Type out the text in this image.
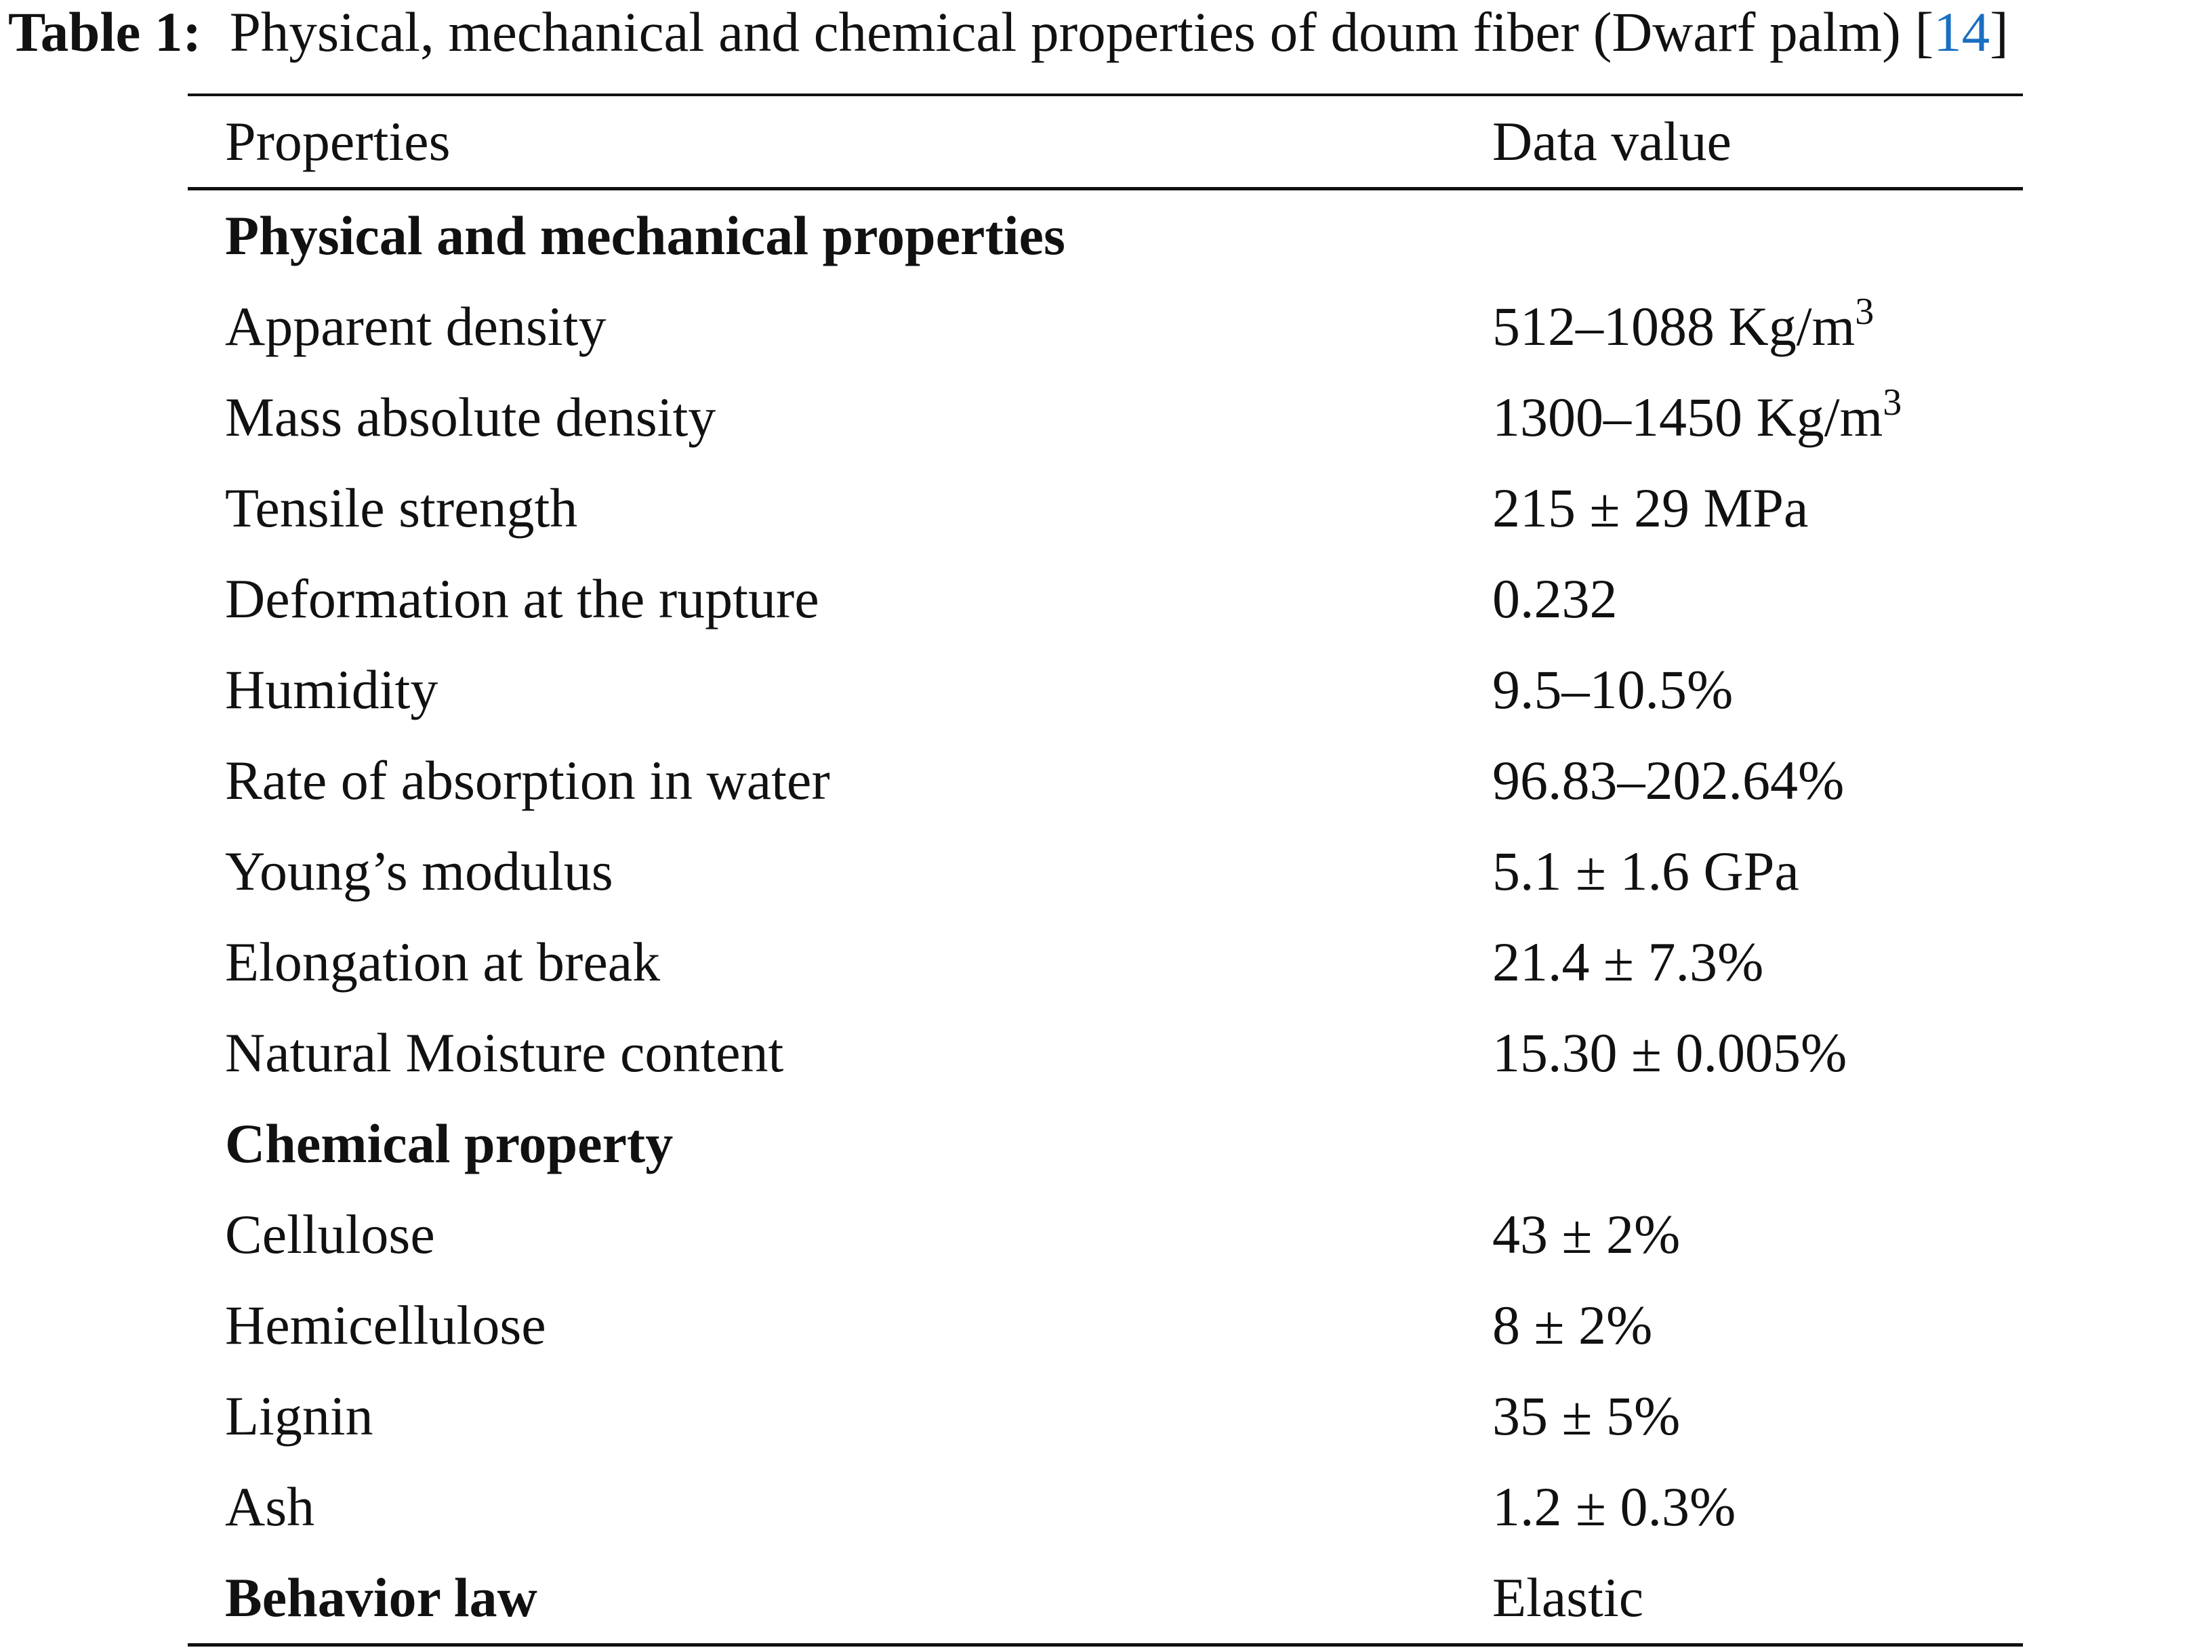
Table 1: Physical, mechanical and chemical properties of doum fiber (Dwarf palm) [14]
Properties	Data value
Physical and mechanical properties
Apparent density	512–1088 $Kg/m^3$
Mass absolute density	1300–1450 $Kg/m^3$
Tensile strength	215 ± 29 MPa
Deformation at the rupture	0.232
Humidity	9.5–10.5%
Rate of absorption in water	96.83–202.64%
Young’s modulus	5.1 ± 1.6 GPa
Elongation at break	21.4 ± 7.3%
Natural Moisture content	15.30 ± 0.005%
Chemical property
Cellulose	43 ± 2%
Hemicellulose	8 ± 2%
Lignin	35 ± 5%
Ash	1.2 ± 0.3%
Behavior law	Elastic
